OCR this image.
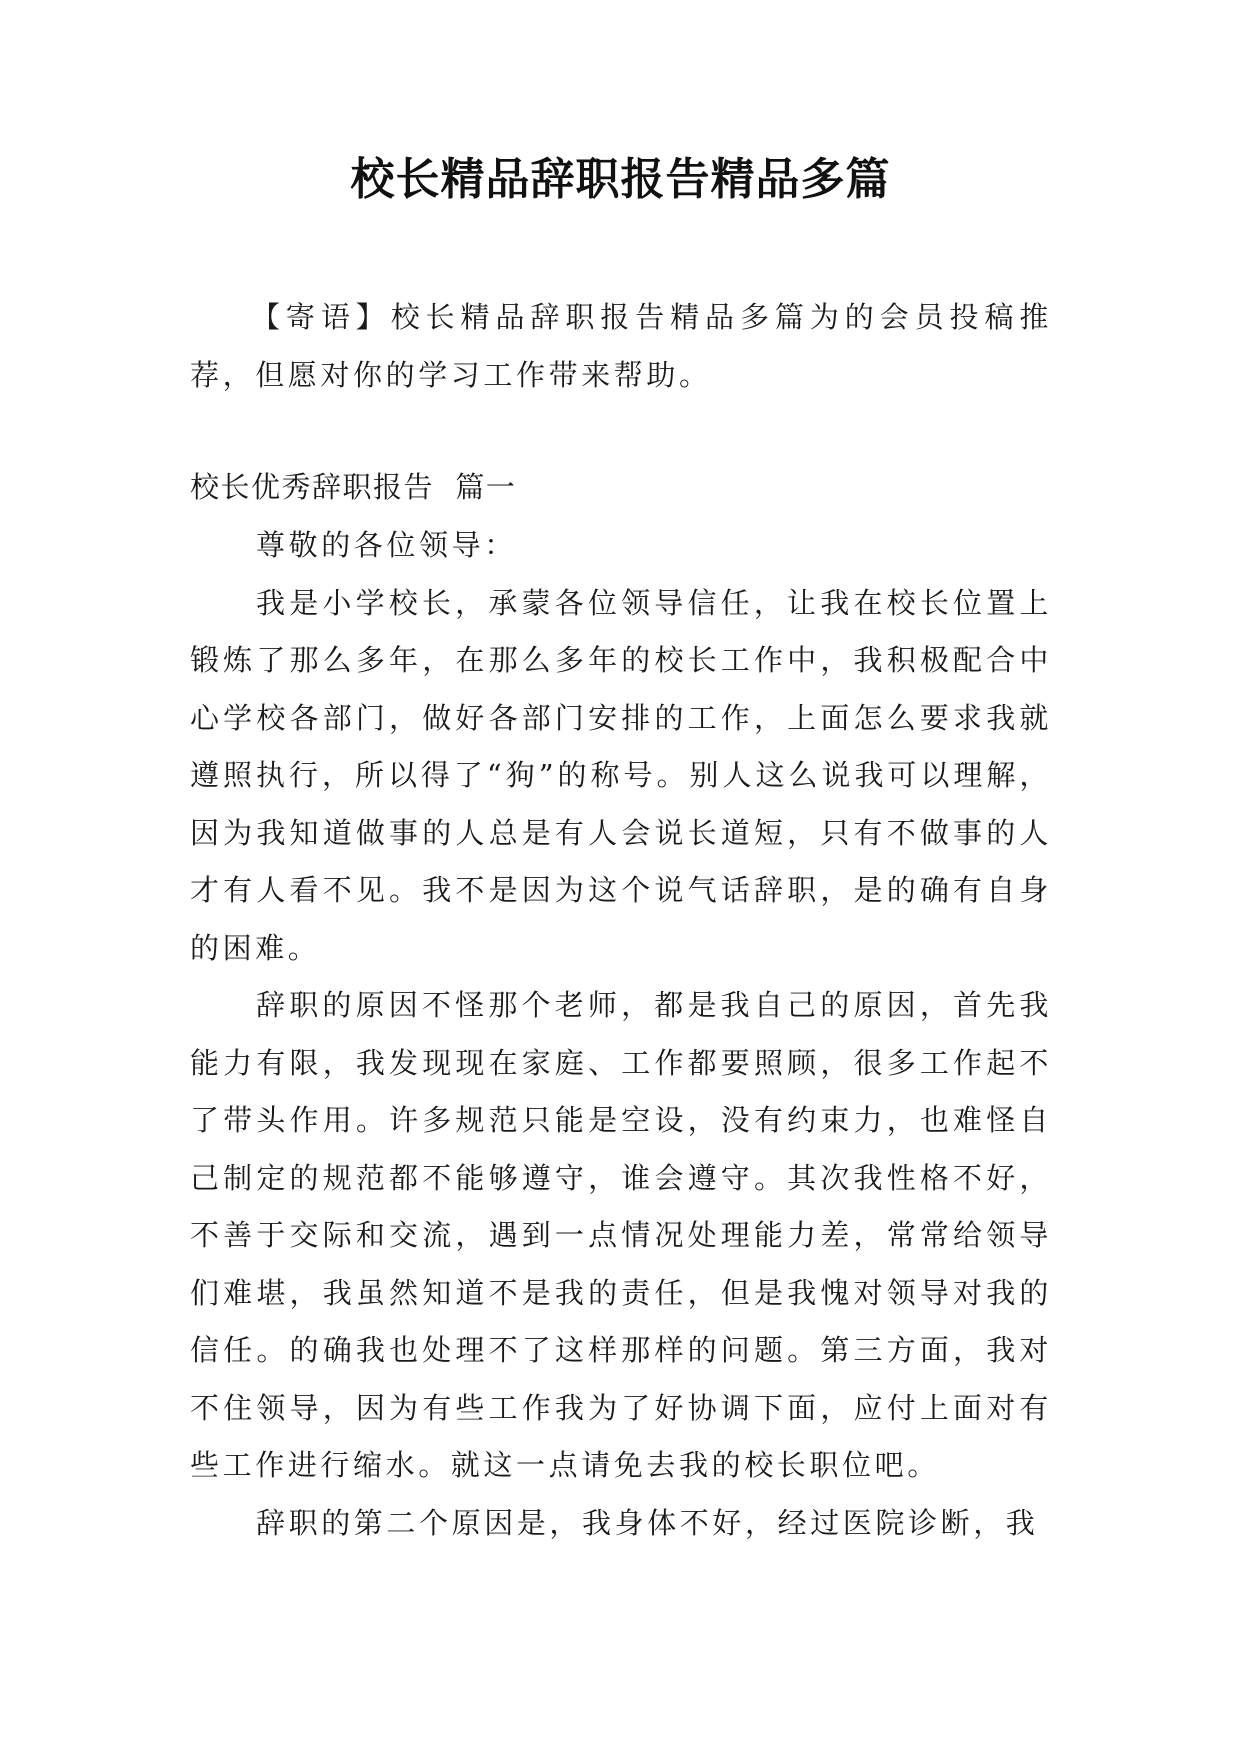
校长精品辞职报告精品多篇
【寄语】校长精品辞职报告精品多篇为的会员投稿推荐，但愿对你的学习工作带来帮助。
校长优秀辞职报告  篇一

尊敬的各位领导：

我是小学校长，承蒙各位领导信任，让我在校长位置上锻炼了那么多年，在那么多年的校长工作中，我积极配合中心学校各部门，做好各部门安排的工作，上面怎么要求我就遵照执行，所以得了“狗”的称号。别人这么说我可以理解，因为我知道做事的人总是有人会说长道短，只有不做事的人才有人看不见。我不是因为这个说气话辞职，是的确有自身的困难。

辞职的原因不怪那个老师，都是我自己的原因，首先我能力有限，我发现现在家庭、工作都要照顾，很多工作起不了带头作用。许多规范只能是空设，没有约束力，也难怪自己制定的规范都不能够遵守，谁会遵守。其次我性格不好，不善于交际和交流，遇到一点情况处理能力差，常常给领导们难堪，我虽然知道不是我的责任，但是我愧对领导对我的信任。的确我也处理不了这样那样的问题。第三方面，我对不住领导，因为有些工作我为了好协调下面，应付上面对有些工作进行缩水。就这一点请免去我的校长职位吧。

辞职的第二个原因是，我身体不好，经过医院诊断，我
